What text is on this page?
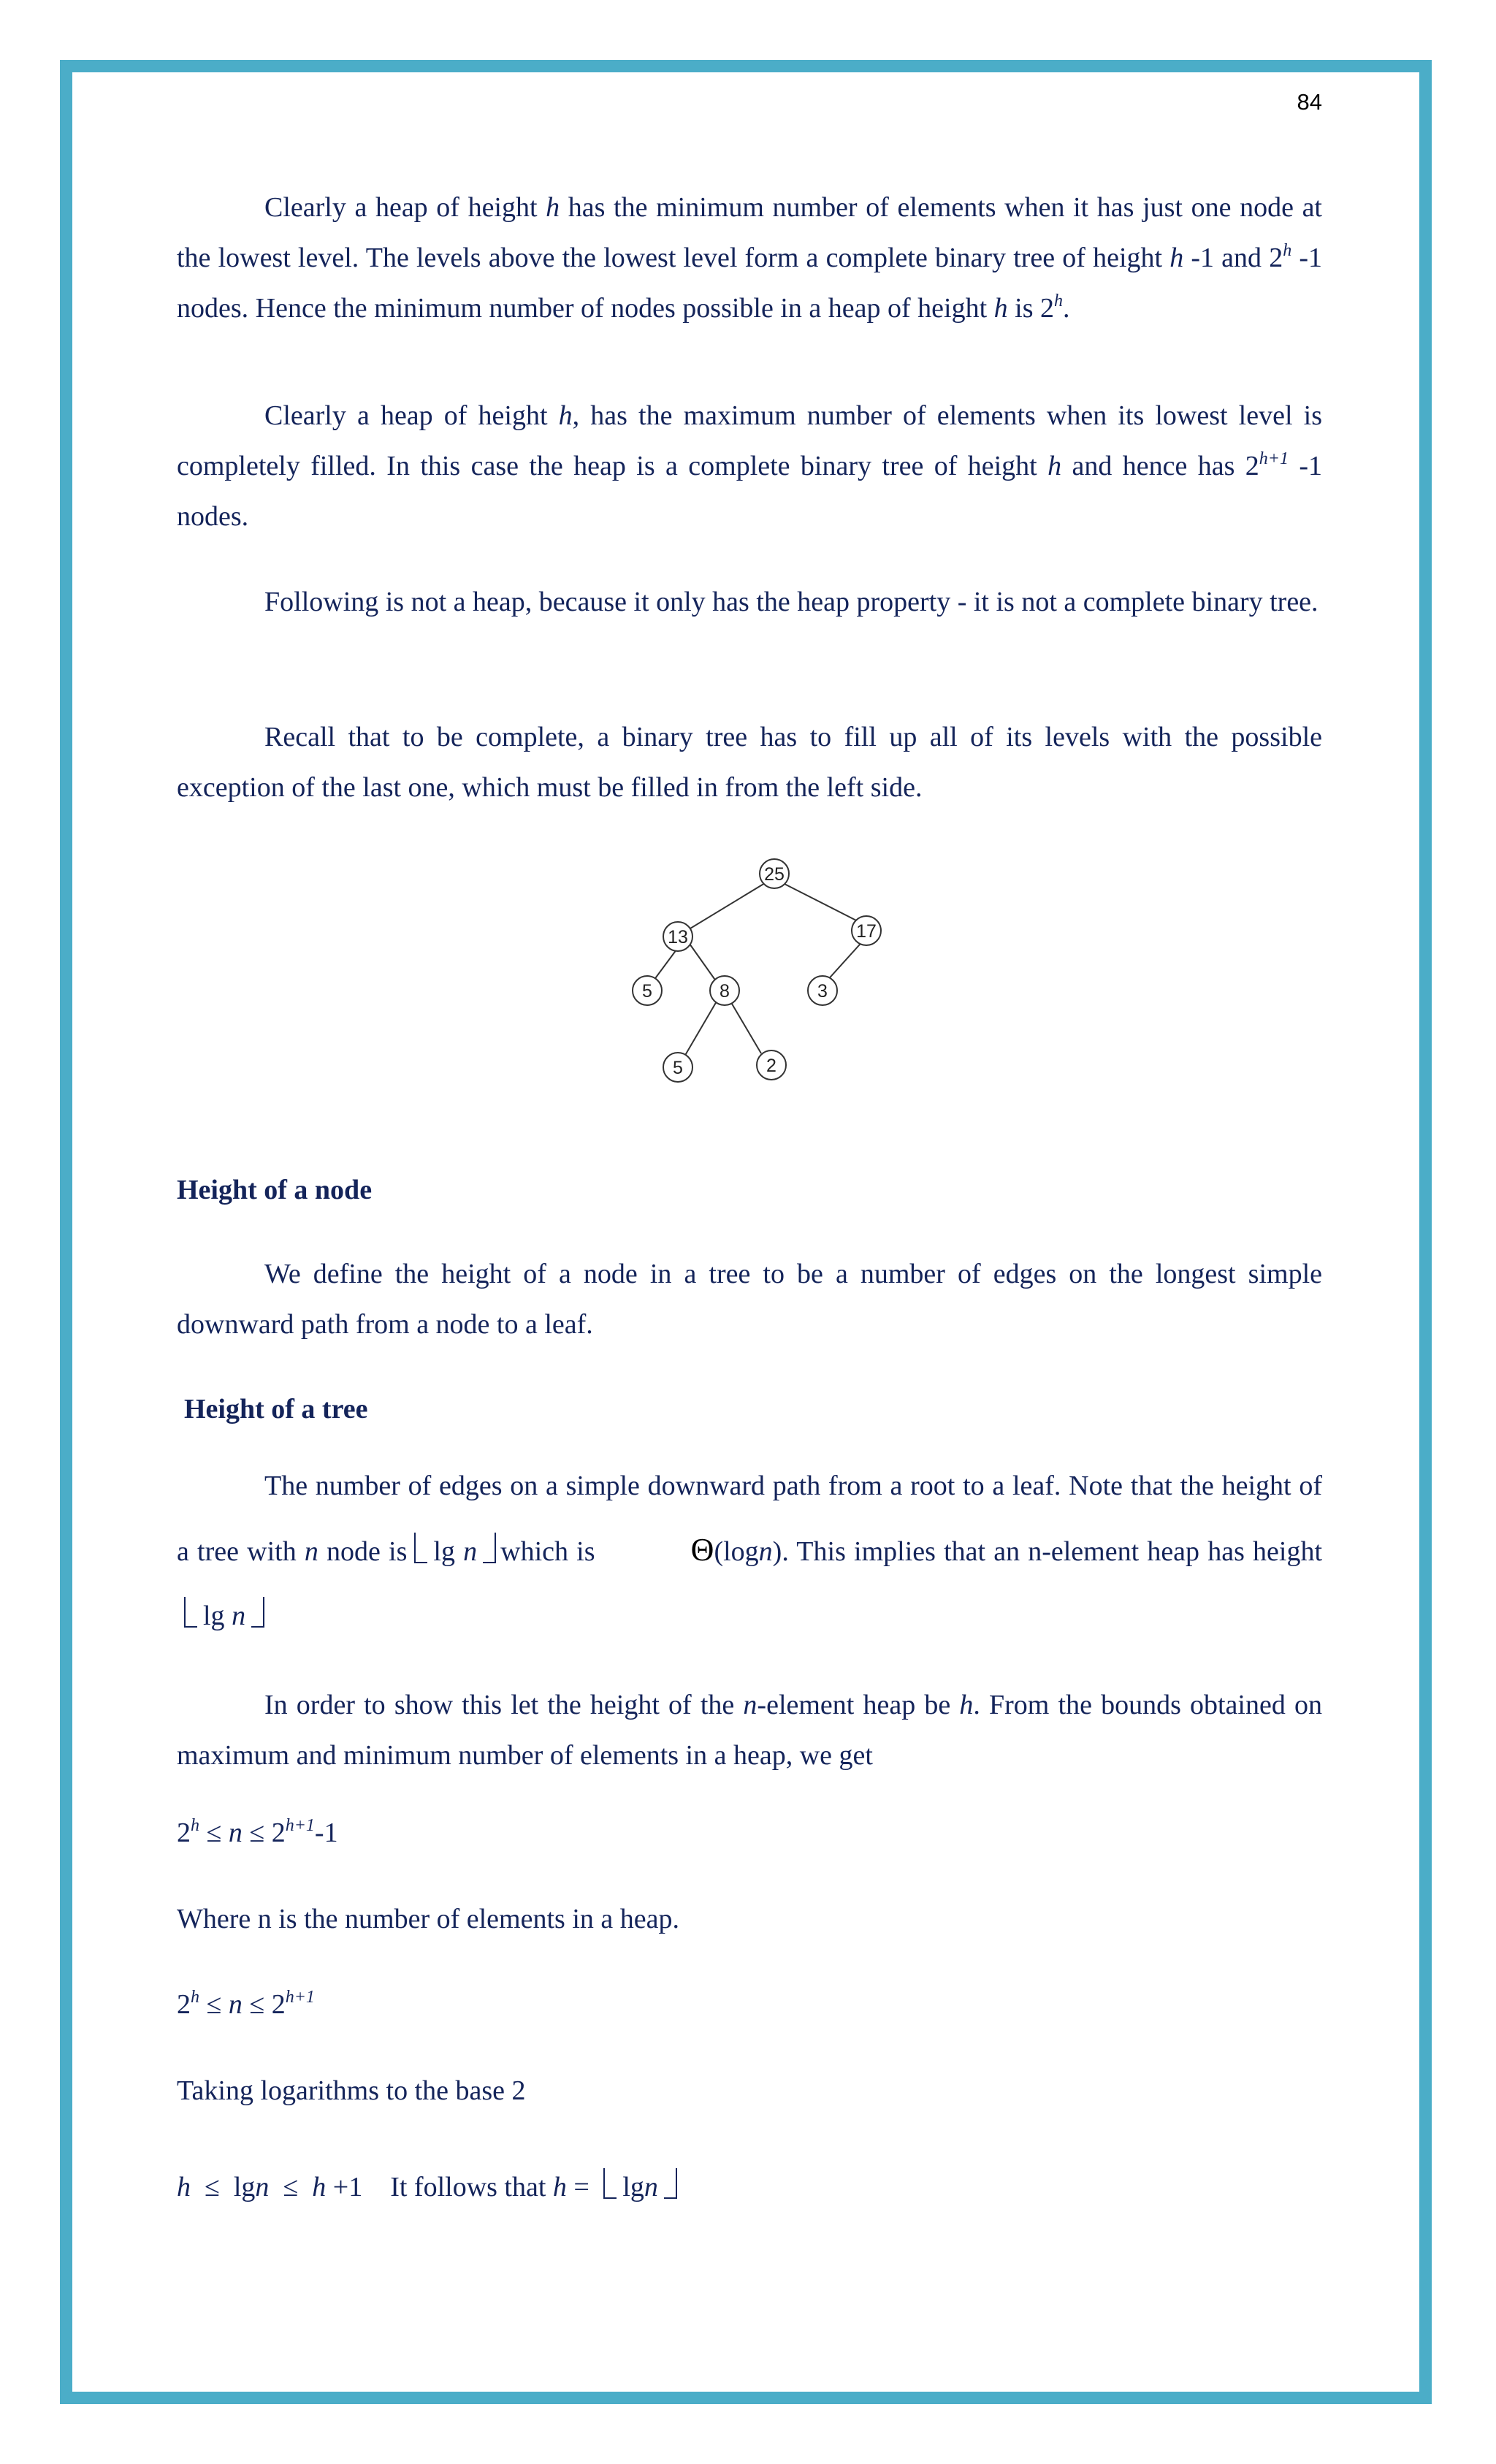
84

Clearly a heap of height h has the minimum number of elements when it has just one node at the lowest level. The levels above the lowest level form a complete binary tree of height h -1 and 2$^h$ -1 nodes. Hence the minimum number of nodes possible in a heap of height h is 2$^h$.

Clearly a heap of height h, has the maximum number of elements when its lowest level is completely filled. In this case the heap is a complete binary tree of height h and hence has $2^{h+1}$ -1 nodes.

Following is not a heap, because it only has the heap property - it is not a complete binary tree.

Recall that to be complete, a binary tree has to fill up all of its levels with the possible exception of the last one, which must be filled in from the left side.

25
13	17
5	8	3
5	2

Height of a node

We define the height of a node in a tree to be a number of edges on the longest simple downward path from a node to a leaf.

Height of a tree

The number of edges on a simple downward path from a root to a leaf. Note that the height of a tree with n node is lg n which is	Θ(logn). This implies that an n-element heap has height lg n

In order to show this let the height of the n-element heap be h. From the bounds obtained on maximum and minimum number of elements in a heap, we get

$2^h \le n \le 2^{h+1}-1$

Where n is the number of elements in a heap.

$2^h \le n \le 2^{h+1}$

Taking logarithms to the base 2

h  ≤  lgn  ≤  h +1    It follows that h = lgn
